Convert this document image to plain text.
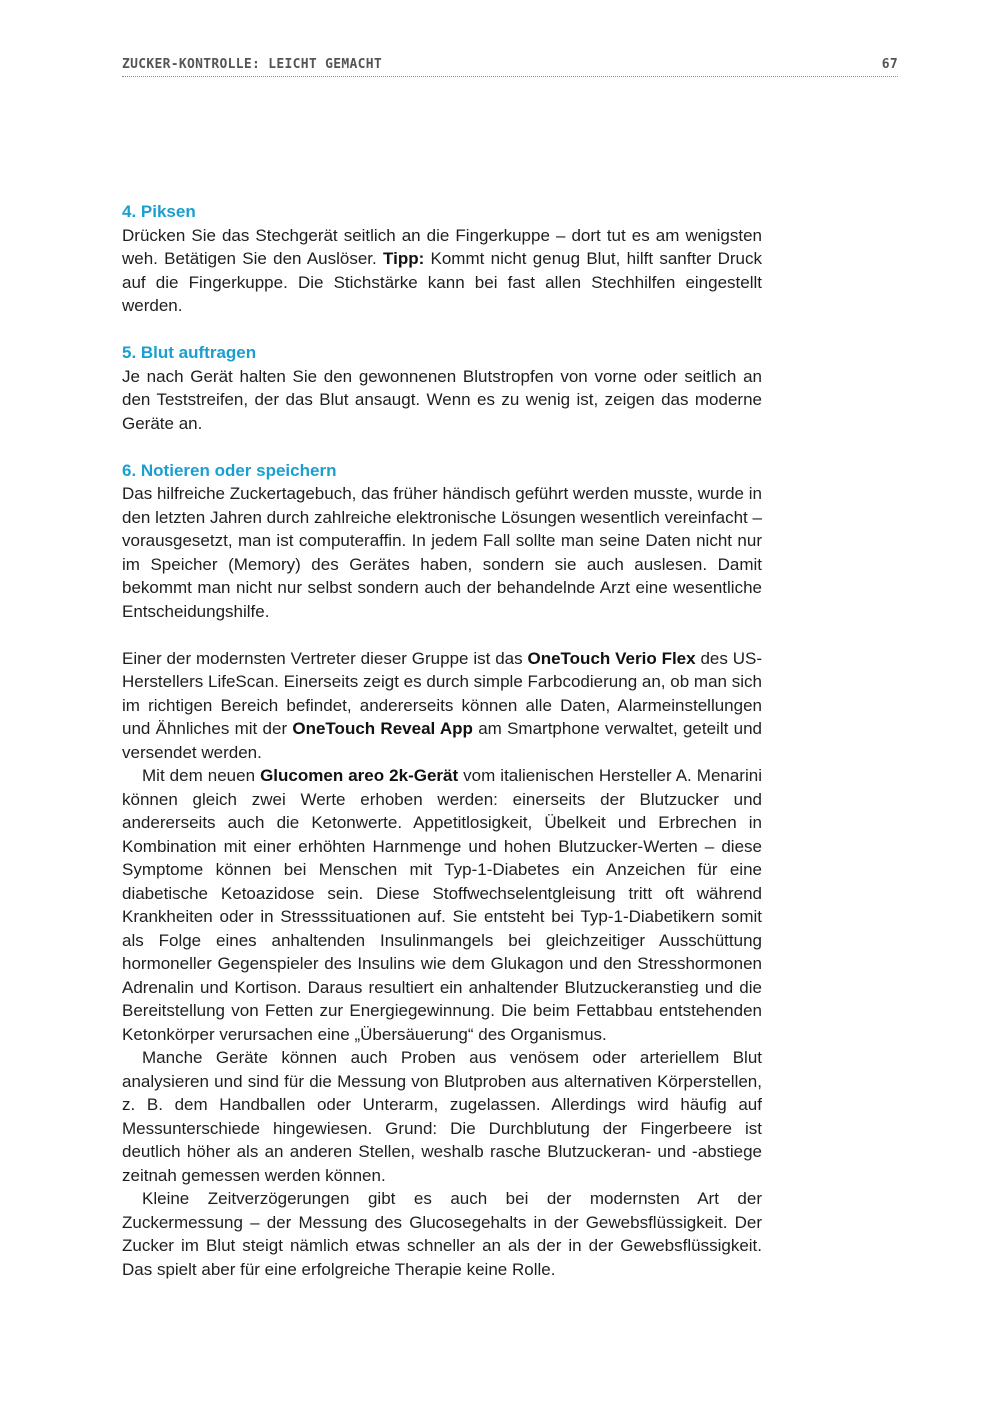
ZUCKER-KONTROLLE: LEICHT GEMACHT	67
4. Piksen

Drücken Sie das Stechgerät seitlich an die Fingerkuppe – dort tut es am wenigsten weh. Betätigen Sie den Auslöser. Tipp: Kommt nicht genug Blut, hilft sanfter Druck auf die Fingerkuppe. Die Stichstärke kann bei fast allen Stechhilfen eingestellt werden.

5. Blut auftragen

Je nach Gerät halten Sie den gewonnenen Blutstropfen von vorne oder seitlich an den Teststreifen, der das Blut ansaugt. Wenn es zu wenig ist, zeigen das moderne Geräte an.

6. Notieren oder speichern

Das hilfreiche Zuckertagebuch, das früher händisch geführt werden musste, wurde in den letzten Jahren durch zahlreiche elektronische Lösungen wesentlich vereinfacht – vorausgesetzt, man ist computeraffin. In jedem Fall sollte man seine Daten nicht nur im Speicher (Memory) des Gerätes haben, sondern sie auch auslesen. Damit bekommt man nicht nur selbst sondern auch der behandelnde Arzt eine wesentliche Entscheidungshilfe.

Einer der modernsten Vertreter dieser Gruppe ist das OneTouch Verio Flex des US-Herstellers LifeScan. Einerseits zeigt es durch simple Farbcodierung an, ob man sich im richtigen Bereich befindet, andererseits können alle Daten, Alarmeinstellungen und Ähnliches mit der OneTouch Reveal App am Smartphone verwaltet, geteilt und versendet werden.

Mit dem neuen Glucomen areo 2k-Gerät vom italienischen Hersteller A. Menarini können gleich zwei Werte erhoben werden: einerseits der Blutzucker und andererseits auch die Ketonwerte. Appetitlosigkeit, Übelkeit und Erbrechen in Kombination mit einer erhöhten Harnmenge und hohen Blutzucker-Werten – diese Symptome können bei Menschen mit Typ-1-Diabetes ein Anzeichen für eine diabetische Ketoazidose sein. Diese Stoffwechselentgleisung tritt oft während Krankheiten oder in Stresssituationen auf. Sie entsteht bei Typ-1-Diabetikern somit als Folge eines anhaltenden Insulinmangels bei gleichzeitiger Ausschüttung hormoneller Gegenspieler des Insulins wie dem Glukagon und den Stresshormonen Adrenalin und Kortison. Daraus resultiert ein anhaltender Blutzuckeranstieg und die Bereitstellung von Fetten zur Energiegewinnung. Die beim Fettabbau entstehenden Ketonkörper verursachen eine „Übersäuerung“ des Organismus.

Manche Geräte können auch Proben aus venösem oder arteriellem Blut analysieren und sind für die Messung von Blutproben aus alternativen Körperstellen, z. B. dem Handballen oder Unterarm, zugelassen. Allerdings wird häufig auf Messunterschiede hingewiesen. Grund: Die Durchblutung der Fingerbeere ist deutlich höher als an anderen Stellen, weshalb rasche Blutzuckeran- und -abstiege zeitnah gemessen werden können.

Kleine Zeitverzögerungen gibt es auch bei der modernsten Art der Zuckermessung – der Messung des Glucosegehalts in der Gewebsflüssigkeit. Der Zucker im Blut steigt nämlich etwas schneller an als der in der Gewebsflüssigkeit. Das spielt aber für eine erfolgreiche Therapie keine Rolle.
